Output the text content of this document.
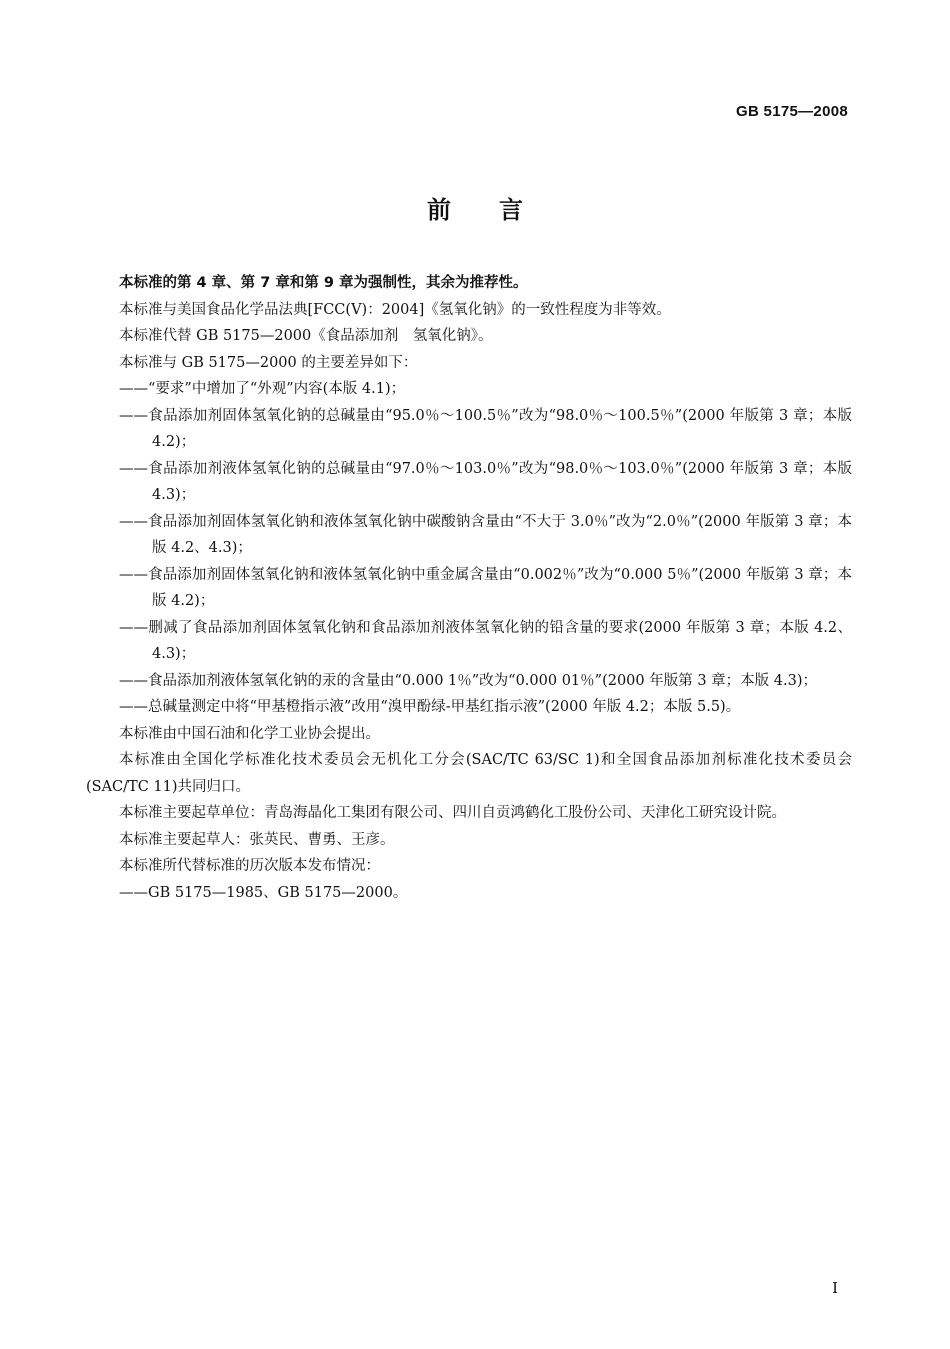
GB 5175—2008
前言

本标准的第 4 章、第 7 章和第 9 章为强制性，其余为推荐性。

本标准与美国食品化学品法典[FCC(V)：2004]《氢氧化钠》的一致性程度为非等效。

本标准代替 GB 5175—2000《食品添加剂　氢氧化钠》。

本标准与 GB 5175—2000 的主要差异如下：

——“要求”中增加了“外观”内容(本版 4.1)；

——食品添加剂固体氢氧化钠的总碱量由“95.0％～100.5％”改为“98.0％～100.5％”(2000 年版第 3 章；本版 4.2)；

——食品添加剂液体氢氧化钠的总碱量由“97.0％～103.0％”改为“98.0％～103.0％”(2000 年版第 3 章；本版 4.3)；

——食品添加剂固体氢氧化钠和液体氢氧化钠中碳酸钠含量由“不大于 3.0％”改为“2.0％”(2000 年版第 3 章；本版 4.2、4.3)；

——食品添加剂固体氢氧化钠和液体氢氧化钠中重金属含量由“0.002％”改为“0.000 5％”(2000 年版第 3 章；本版 4.2)；

——删减了食品添加剂固体氢氧化钠和食品添加剂液体氢氧化钠的铅含量的要求(2000 年版第 3 章；本版 4.2、4.3)；

——食品添加剂液体氢氧化钠的汞的含量由“0.000 1％”改为“0.000 01％”(2000 年版第 3 章；本版 4.3)；

——总碱量测定中将“甲基橙指示液”改用“溴甲酚绿-甲基红指示液”(2000 年版 4.2；本版 5.5)。

本标准由中国石油和化学工业协会提出。

本标准由全国化学标准化技术委员会无机化工分会(SAC/TC 63/SC 1)和全国食品添加剂标准化技术委员会(SAC/TC 11)共同归口。

本标准主要起草单位：青岛海晶化工集团有限公司、四川自贡鸿鹤化工股份公司、天津化工研究设计院。

本标准主要起草人：张英民、曹勇、王彦。

本标准所代替标准的历次版本发布情况：

——GB 5175—1985、GB 5175—2000。

I
